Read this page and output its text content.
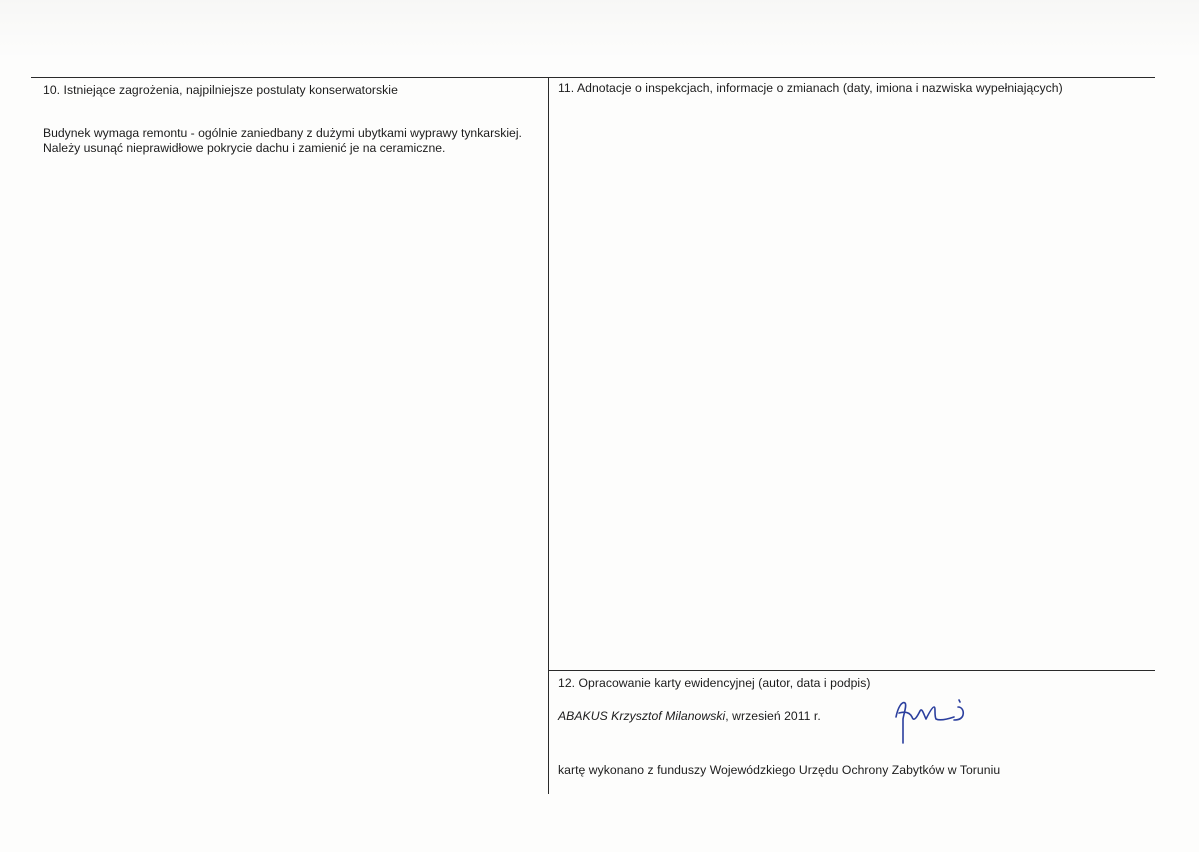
10. Istniejące zagrożenia, najpilniejsze postulaty konserwatorskie
Budynek wymaga remontu - ogólnie zaniedbany z dużymi ubytkami wyprawy tynkarskiej. Należy usunąć nieprawidłowe pokrycie dachu i zamienić je na ceramiczne.
11. Adnotacje o inspekcjach, informacje o zmianach (daty, imiona i nazwiska wypełniających)
12. Opracowanie karty ewidencyjnej (autor, data i podpis)
ABAKUS Krzysztof Milanowski, wrzesień 2011 r.
kartę wykonano z funduszy Wojewódzkiego Urzędu Ochrony Zabytków w Toruniu
